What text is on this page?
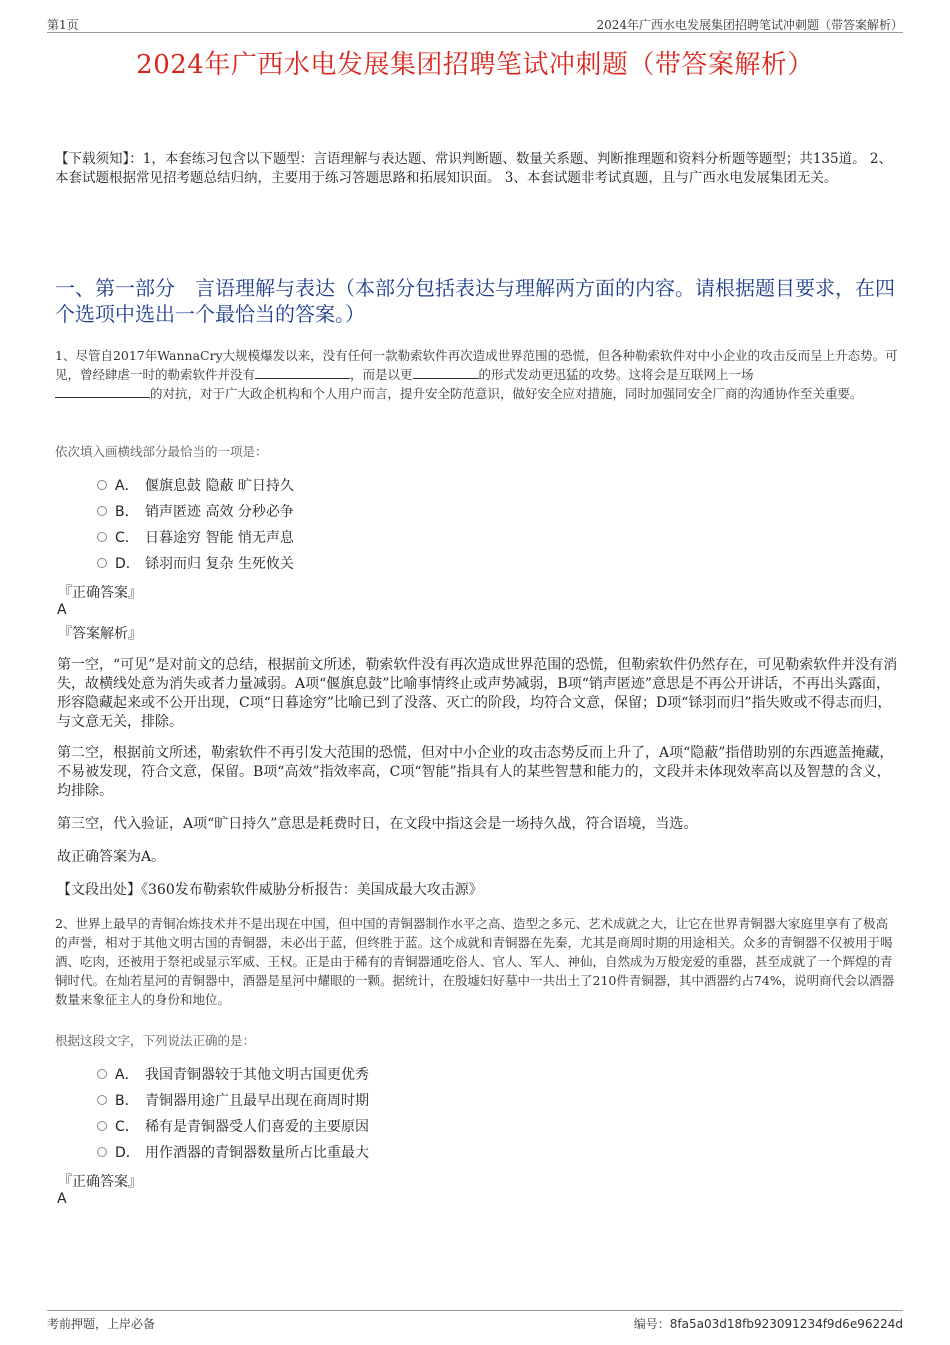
第1页	2024年广西水电发展集团招聘笔试冲刺题（带答案解析）
2024年广西水电发展集团招聘笔试冲刺题（带答案解析）
【下载须知】：1，本套练习包含以下题型：言语理解与表达题、常识判断题、数量关系题、判断推理题和资料分析题等题型；共135道。 2、本套试题根据常见招考题总结归纳，主要用于练习答题思路和拓展知识面。 3、本套试题非考试真题，且与广西水电发展集团无关。
一、第一部分　言语理解与表达（本部分包括表达与理解两方面的内容。请根据题目要求，在四个选项中选出一个最恰当的答案。）
1、尽管自2017年WannaCry大规模爆发以来，没有任何一款勒索软件再次造成世界范围的恐慌，但各种勒索软件对中小企业的攻击反而呈上升态势。可见，曾经肆虐一时的勒索软件并没有	，而是以更	的形式发动更迅猛的攻势。这将会是互联网上一场
的对抗，对于广大政企机构和个人用户而言，提升安全防范意识，做好安全应对措施，同时加强同安全厂商的沟通协作至关重要。
依次填入画横线部分最恰当的一项是：
A． 偃旗息鼓 隐蔽 旷日持久
B． 销声匿迹 高效 分秒必争
C． 日暮途穷 智能 悄无声息
D． 铩羽而归 复杂 生死攸关
『正确答案』
A
『答案解析』
第一空，“可见”是对前文的总结，根据前文所述，勒索软件没有再次造成世界范围的恐慌，但勒索软件仍然存在，可见勒索软件并没有消失，故横线处意为消失或者力量减弱。A项“偃旗息鼓”比喻事情终止或声势减弱，B项“销声匿迹”意思是不再公开讲话，不再出头露面，形容隐藏起来或不公开出现，C项“日暮途穷”比喻已到了没落、灭亡的阶段，均符合文意，保留；D项“铩羽而归”指失败或不得志而归，与文意无关，排除。
第二空，根据前文所述，勒索软件不再引发大范围的恐慌，但对中小企业的攻击态势反而上升了，A项“隐蔽”指借助别的东西遮盖掩藏，不易被发现，符合文意，保留。B项“高效”指效率高，C项“智能”指具有人的某些智慧和能力的，文段并未体现效率高以及智慧的含义，均排除。
第三空，代入验证，A项“旷日持久”意思是耗费时日，在文段中指这会是一场持久战，符合语境，当选。
故正确答案为A。
【文段出处】《360发布勒索软件威胁分析报告：美国成最大攻击源》
2、世界上最早的青铜冶炼技术并不是出现在中国，但中国的青铜器制作水平之高、造型之多元、艺术成就之大，让它在世界青铜器大家庭里享有了极高的声誉，相对于其他文明古国的青铜器，未必出于蓝，但终胜于蓝。这个成就和青铜器在先秦，尤其是商周时期的用途相关。众多的青铜器不仅被用于喝酒、吃肉，还被用于祭祀或显示军威、王权。正是由于稀有的青铜器通吃俗人、官人、军人、神仙，自然成为万般宠爱的重器，甚至成就了一个辉煌的青铜时代。在灿若星河的青铜器中，酒器是星河中耀眼的一颗。据统计，在殷墟妇好墓中一共出土了210件青铜器，其中酒器约占74%，说明商代会以酒器数量来象征主人的身份和地位。
根据这段文字，下列说法正确的是：
A． 我国青铜器较于其他文明古国更优秀
B． 青铜器用途广且最早出现在商周时期
C． 稀有是青铜器受人们喜爱的主要原因
D． 用作酒器的青铜器数量所占比重最大
『正确答案』
A
考前押题，上岸必备	编号：8fa5a03d18fb923091234f9d6e96224d
